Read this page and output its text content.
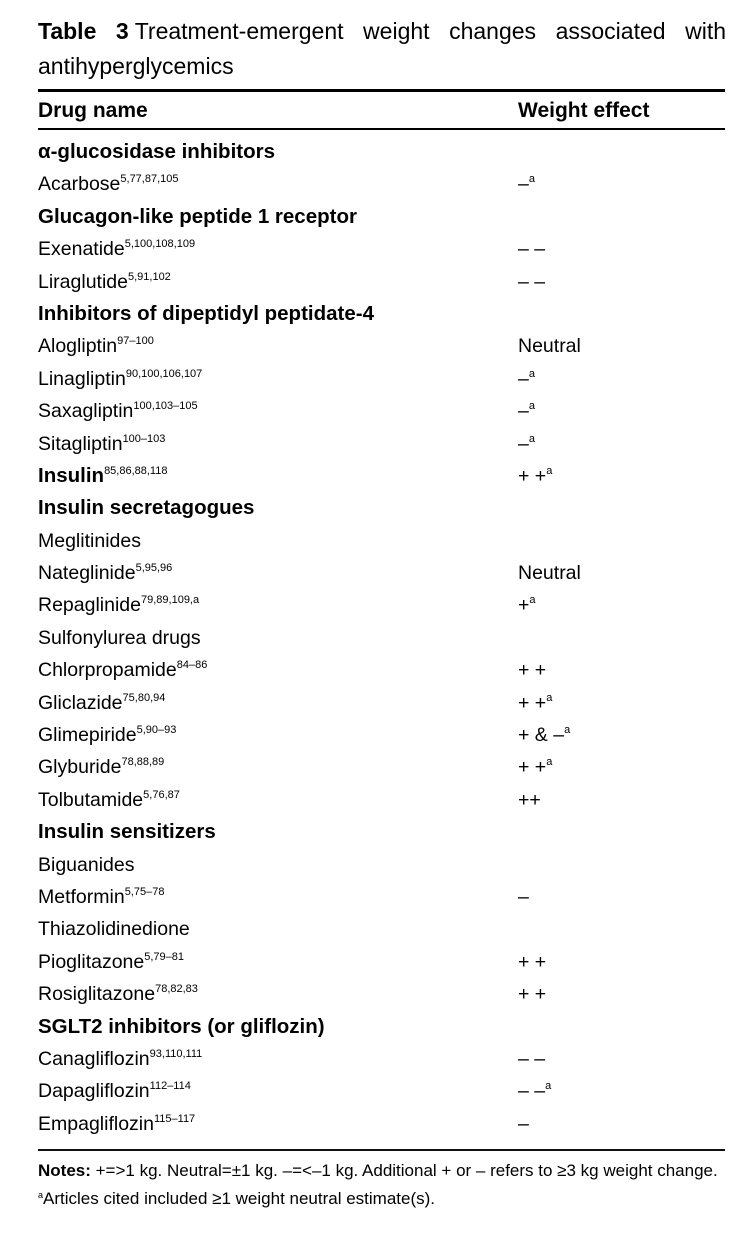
Table 3 Treatment-emergent weight changes associated with antihyperglycemics
Drug name	Weight effect
α-glucosidase inhibitors
Acarbose$^{5,77,87,105}$	–$^a$
Glucagon-like peptide 1 receptor
Exenatide$^{5,100,108,109}$	– –
Liraglutide$^{5,91,102}$	– –
Inhibitors of dipeptidyl peptidate-4
Alogliptin$^{97-100}$	Neutral
Linagliptin$^{90,100,106,107}$	–$^a$
Saxagliptin$^{100,103-105}$	–$^a$
Sitagliptin$^{100-103}$	–$^a$
Insulin$^{85,86,88,118}$	+ +$^a$
Insulin secretagogues
Meglitinides
Nateglinide$^{5,95,96}$	Neutral
Repaglinide$^{79,89,109,a}$	+$^a$
Sulfonylurea drugs
Chlorpropamide$^{84-86}$	+ +
Gliclazide$^{75,80,94}$	+ +$^a$
Glimepiride$^{5,90-93}$	+ & –$^a$
Glyburide$^{78,88,89}$	+ +$^a$
Tolbutamide$^{5,76,87}$	++
Insulin sensitizers
Biguanides
Metformin$^{5,75-78}$	–
Thiazolidinedione
Pioglitazone$^{5,79-81}$	+ +
Rosiglitazone$^{78,82,83}$	+ +
SGLT2 inhibitors (or gliflozin)
Canagliflozin$^{93,110,111}$	– –
Dapagliflozin$^{112-114}$	– –$^a$
Empagliflozin$^{115-117}$	–
Notes: +=>1 kg. Neutral=±1 kg. –=<–1 kg. Additional + or – refers to ≥3 kg weight change. $^a$Articles cited included ≥1 weight neutral estimate(s).
